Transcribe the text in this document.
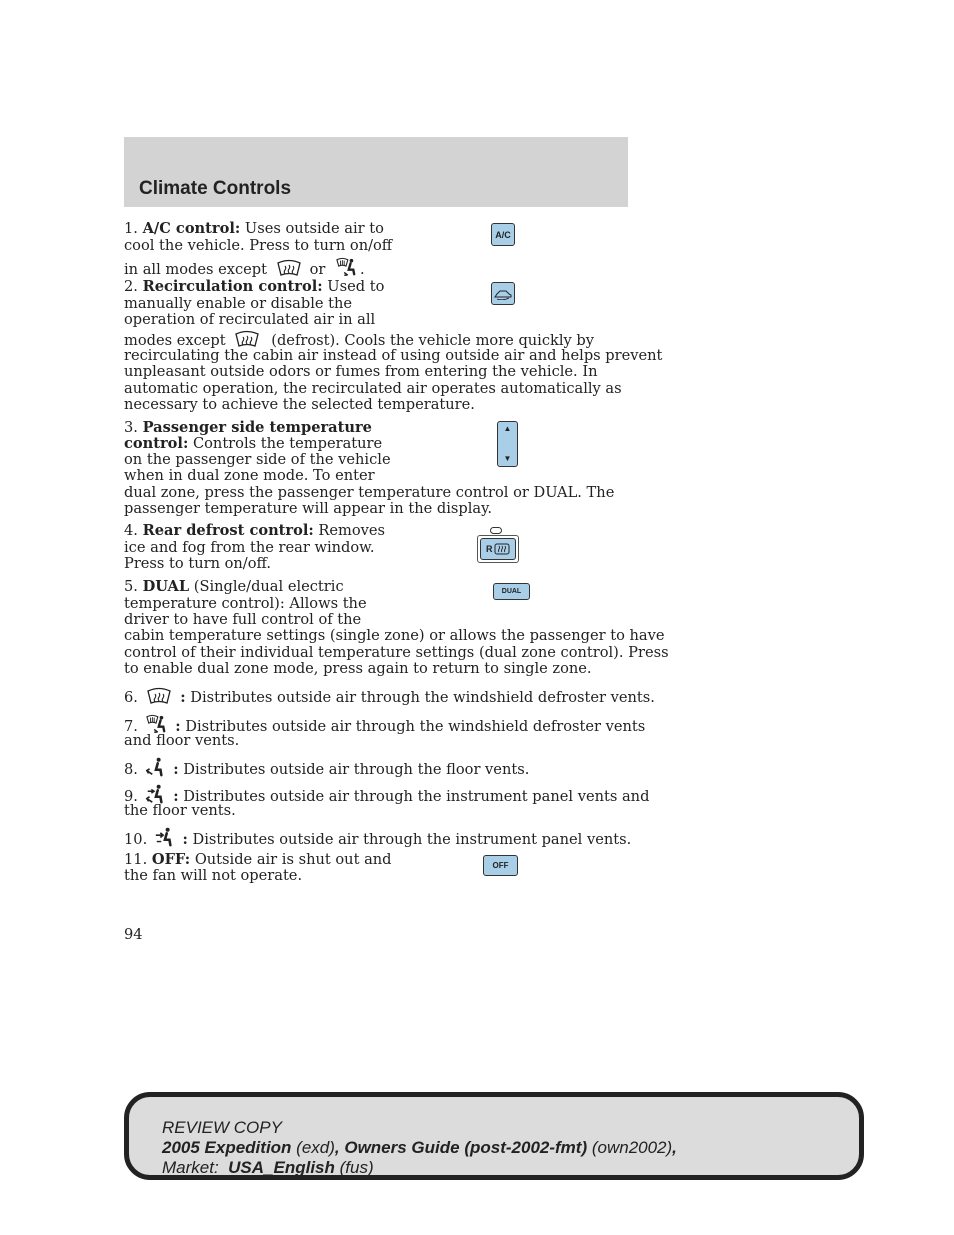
Climate Controls
1. A/C control: Uses outside air to
cool the vehicle. Press to turn on/off
in all modes except	or .
A/C
2. Recirculation control: Used to
manually enable or disable the
operation of recirculated air in all
modes except	(defrost). Cools the vehicle more quickly by
recirculating the cabin air instead of using outside air and helps prevent
unpleasant outside odors or fumes from entering the vehicle. In
automatic operation, the recirculated air operates automatically as
necessary to achieve the selected temperature.
3. Passenger side temperature
control: Controls the temperature
on the passenger side of the vehicle
when in dual zone mode. To enter
dual zone, press the passenger temperature control or DUAL. The
passenger temperature will appear in the display.
▲
▼
4. Rear defrost control: Removes
ice and fog from the rear window.
Press to turn on/off.
R
5. DUAL (Single/dual electric
temperature control): Allows the
driver to have full control of the
cabin temperature settings (single zone) or allows the passenger to have
control of their individual temperature settings (dual zone control). Press
to enable dual zone mode, press again to return to single zone.
DUAL
6.	: Distributes outside air through the windshield defroster vents.
7.	: Distributes outside air through the windshield defroster vents
and floor vents.
8. : Distributes outside air through the floor vents.
9. : Distributes outside air through the instrument panel vents and
the floor vents.
10. : Distributes outside air through the instrument panel vents.
11. OFF: Outside air is shut out and
the fan will not operate.
OFF
94
REVIEW COPY
2005 Expedition (exd), Owners Guide (post-2002-fmt) (own2002),
Market: USA_English (fus)
